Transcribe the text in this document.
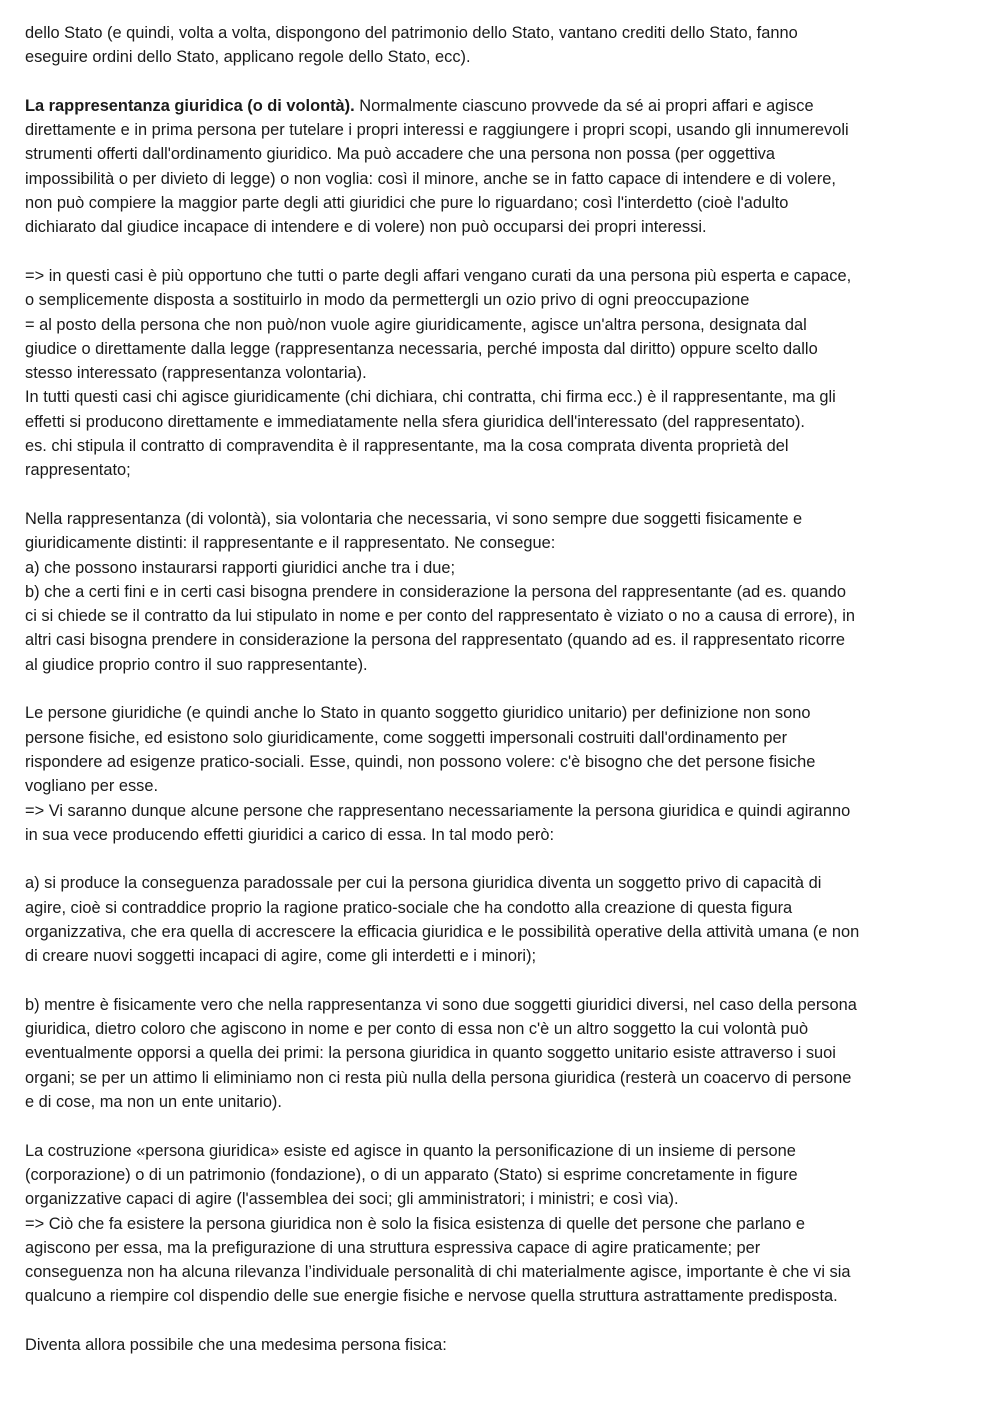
dello Stato (e quindi, volta a volta, dispongono del patrimonio dello Stato, vantano crediti dello Stato, fanno
eseguire ordini dello Stato, applicano regole dello Stato, ecc).
La rappresentanza giuridica (o di volontà). Normalmente ciascuno provvede da sé ai propri affari e agisce
direttamente e in prima persona per tutelare i propri interessi e raggiungere i propri scopi, usando gli innumerevoli
strumenti offerti dall'ordinamento giuridico. Ma può accadere che una persona non possa (per oggettiva
impossibilità o per divieto di legge) o non voglia: così il minore, anche se in fatto capace di intendere e di volere,
non può compiere la maggior parte degli atti giuridici che pure lo riguardano; così l'interdetto (cioè l'adulto
dichiarato dal giudice incapace di intendere e di volere) non può occuparsi dei propri interessi.
=> in questi casi è più opportuno che tutti o parte degli affari vengano curati da una persona più esperta e capace,
o semplicemente disposta a sostituirlo in modo da permettergli un ozio privo di ogni preoccupazione
= al posto della persona che non può/non vuole agire giuridicamente, agisce un'altra persona, designata dal
giudice o direttamente dalla legge (rappresentanza necessaria, perché imposta dal diritto) oppure scelto dallo
stesso interessato (rappresentanza volontaria).
In tutti questi casi chi agisce giuridicamente (chi dichiara, chi contratta, chi firma ecc.) è il rappresentante, ma gli
effetti si producono direttamente e immediatamente nella sfera giuridica dell'interessato (del rappresentato).
es. chi stipula il contratto di compravendita è il rappresentante, ma la cosa comprata diventa proprietà del
rappresentato;
Nella rappresentanza (di volontà), sia volontaria che necessaria, vi sono sempre due soggetti fisicamente e
giuridicamente distinti: il rappresentante e il rappresentato. Ne consegue:
a) che possono instaurarsi rapporti giuridici anche tra i due;
b) che a certi fini e in certi casi bisogna prendere in considerazione la persona del rappresentante (ad es. quando
ci si chiede se il contratto da lui stipulato in nome e per conto del rappresentato è viziato o no a causa di errore), in
altri casi bisogna prendere in considerazione la persona del rappresentato (quando ad es. il rappresentato ricorre
al giudice proprio contro il suo rappresentante).
Le persone giuridiche (e quindi anche lo Stato in quanto soggetto giuridico unitario) per definizione non sono
persone fisiche, ed esistono solo giuridicamente, come soggetti impersonali costruiti dall'ordinamento per
rispondere ad esigenze pratico-sociali. Esse, quindi, non possono volere: c'è bisogno che det persone fisiche
vogliano per esse.
=> Vi saranno dunque alcune persone che rappresentano necessariamente la persona giuridica e quindi agiranno
in sua vece producendo effetti giuridici a carico di essa. In tal modo però:
a) si produce la conseguenza paradossale per cui la persona giuridica diventa un soggetto privo di capacità di
agire, cioè si contraddice proprio la ragione pratico-sociale che ha condotto alla creazione di questa figura
organizzativa, che era quella di accrescere la efficacia giuridica e le possibilità operative della attività umana (e non
di creare nuovi soggetti incapaci di agire, come gli interdetti e i minori);
b) mentre è fisicamente vero che nella rappresentanza vi sono due soggetti giuridici diversi, nel caso della persona
giuridica, dietro coloro che agiscono in nome e per conto di essa non c'è un altro soggetto la cui volontà può
eventualmente opporsi a quella dei primi: la persona giuridica in quanto soggetto unitario esiste attraverso i suoi
organi; se per un attimo li eliminiamo non ci resta più nulla della persona giuridica (resterà un coacervo di persone
e di cose, ma non un ente unitario).
La costruzione «persona giuridica» esiste ed agisce in quanto la personificazione di un insieme di persone
(corporazione) o di un patrimonio (fondazione), o di un apparato (Stato) si esprime concretamente in figure
organizzative capaci di agire (l'assemblea dei soci; gli amministratori; i ministri; e così via).
=> Ciò che fa esistere la persona giuridica non è solo la fisica esistenza di quelle det persone che parlano e
agiscono per essa, ma la prefigurazione di una struttura espressiva capace di agire praticamente; per
conseguenza non ha alcuna rilevanza l’individuale personalità di chi materialmente agisce, importante è che vi sia
qualcuno a riempire col dispendio delle sue energie fisiche e nervose quella struttura astrattamente predisposta.
Diventa allora possibile che una medesima persona fisica:
